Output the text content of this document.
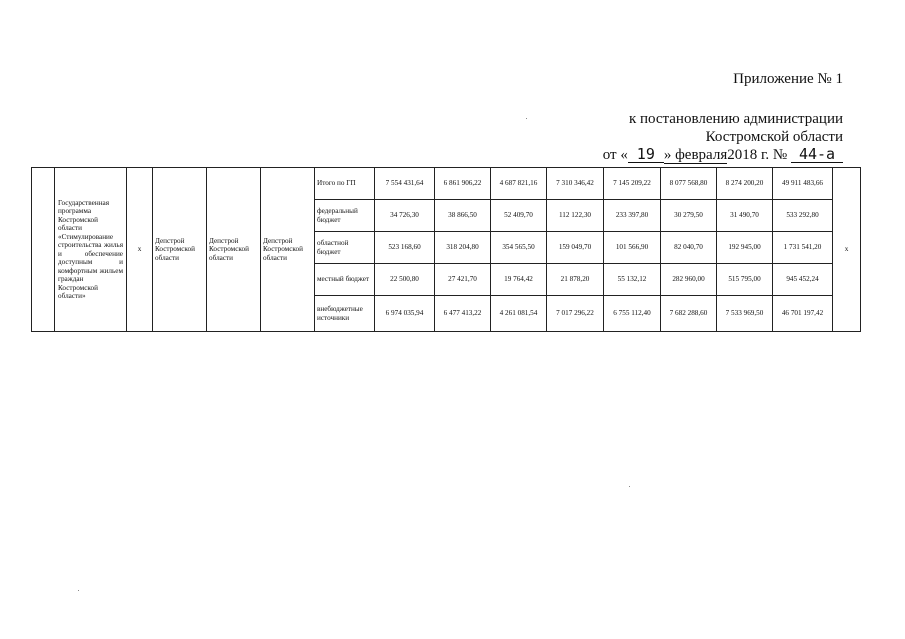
Приложение № 1
к постановлению администрации
Костромской области
от « 19 » февраля2018 г. № 44-а
	Государственная программа Костромской области «Стимулирование строительства жилья и обеспечение доступным и комфортным жильем граждан Костромской области»	х	Депстрой Костромской области	Депстрой Костромской области	Депстрой Костромской области	Итого по ГП	7 554 431,64	6 861 906,22	4 687 821,16	7 310 346,42	7 145 209,22	8 077 568,80	8 274 200,20	49 911 483,66	х
						федеральный бюджет	34 726,30	38 866,50	52 409,70	112 122,30	233 397,80	30 279,50	31 490,70	533 292,80	
						областной бюджет	523 168,60	318 204,80	354 565,50	159 049,70	101 566,90	82 040,70	192 945,00	1 731 541,20	
						местный бюджет	22 500,80	27 421,70	19 764,42	21 878,20	55 132,12	282 960,00	515 795,00	945 452,24	
						внебюджетные источники	6 974 035,94	6 477 413,22	4 261 081,54	7 017 296,22	6 755 112,40	7 682 288,60	7 533 969,50	46 701 197,42	
